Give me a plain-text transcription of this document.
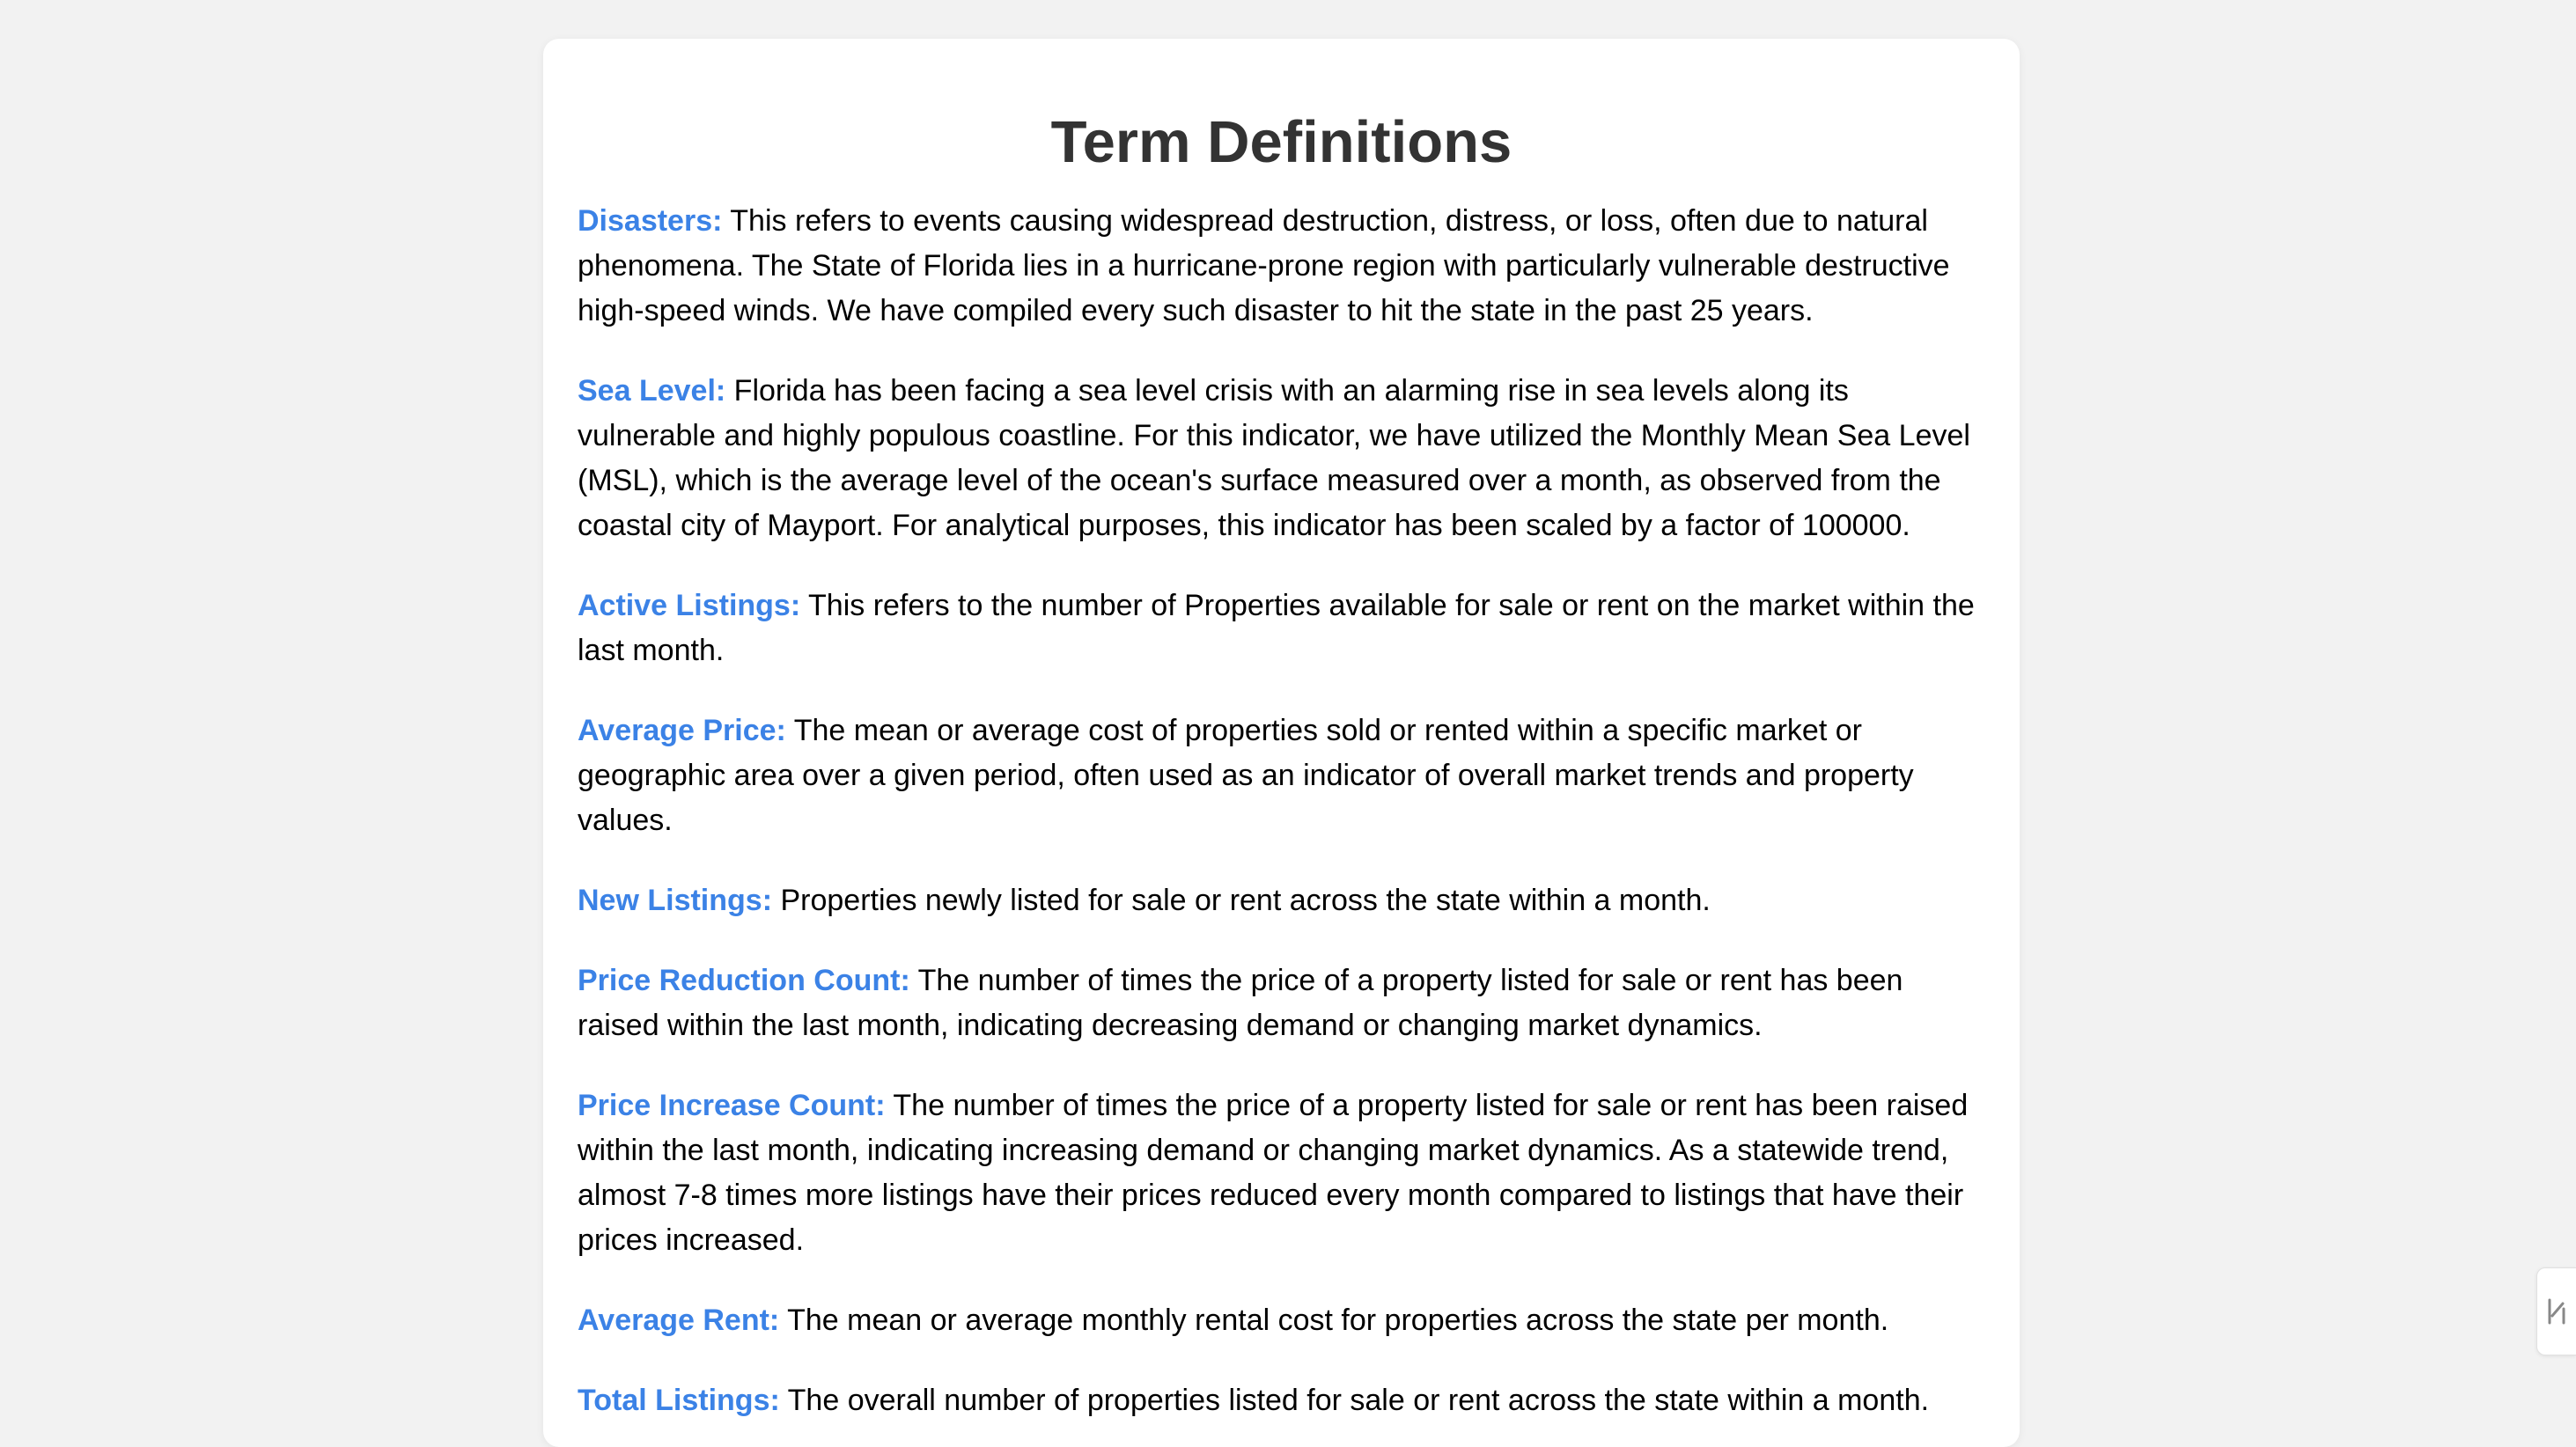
Term Definitions

Disasters: This refers to events causing widespread destruction, distress, or loss, often due to natural phenomena. The State of Florida lies in a hurricane-prone region with particularly vulnerable destructive high-speed winds. We have compiled every such disaster to hit the state in the past 25 years.

Sea Level: Florida has been facing a sea level crisis with an alarming rise in sea levels along its vulnerable and highly populous coastline. For this indicator, we have utilized the Monthly Mean Sea Level (MSL), which is the average level of the ocean's surface measured over a month, as observed from the coastal city of Mayport. For analytical purposes, this indicator has been scaled by a factor of 100000.

Active Listings: This refers to the number of Properties available for sale or rent on the market within the last month.

Average Price: The mean or average cost of properties sold or rented within a specific market or geographic area over a given period, often used as an indicator of overall market trends and property values.

New Listings: Properties newly listed for sale or rent across the state within a month.

Price Reduction Count: The number of times the price of a property listed for sale or rent has been raised within the last month, indicating decreasing demand or changing market dynamics.

Price Increase Count: The number of times the price of a property listed for sale or rent has been raised within the last month, indicating increasing demand or changing market dynamics. As a statewide trend, almost 7-8 times more listings have their prices reduced every month compared to listings that have their prices increased.

Average Rent: The mean or average monthly rental cost for properties across the state per month.

Total Listings: The overall number of properties listed for sale or rent across the state within a month.
